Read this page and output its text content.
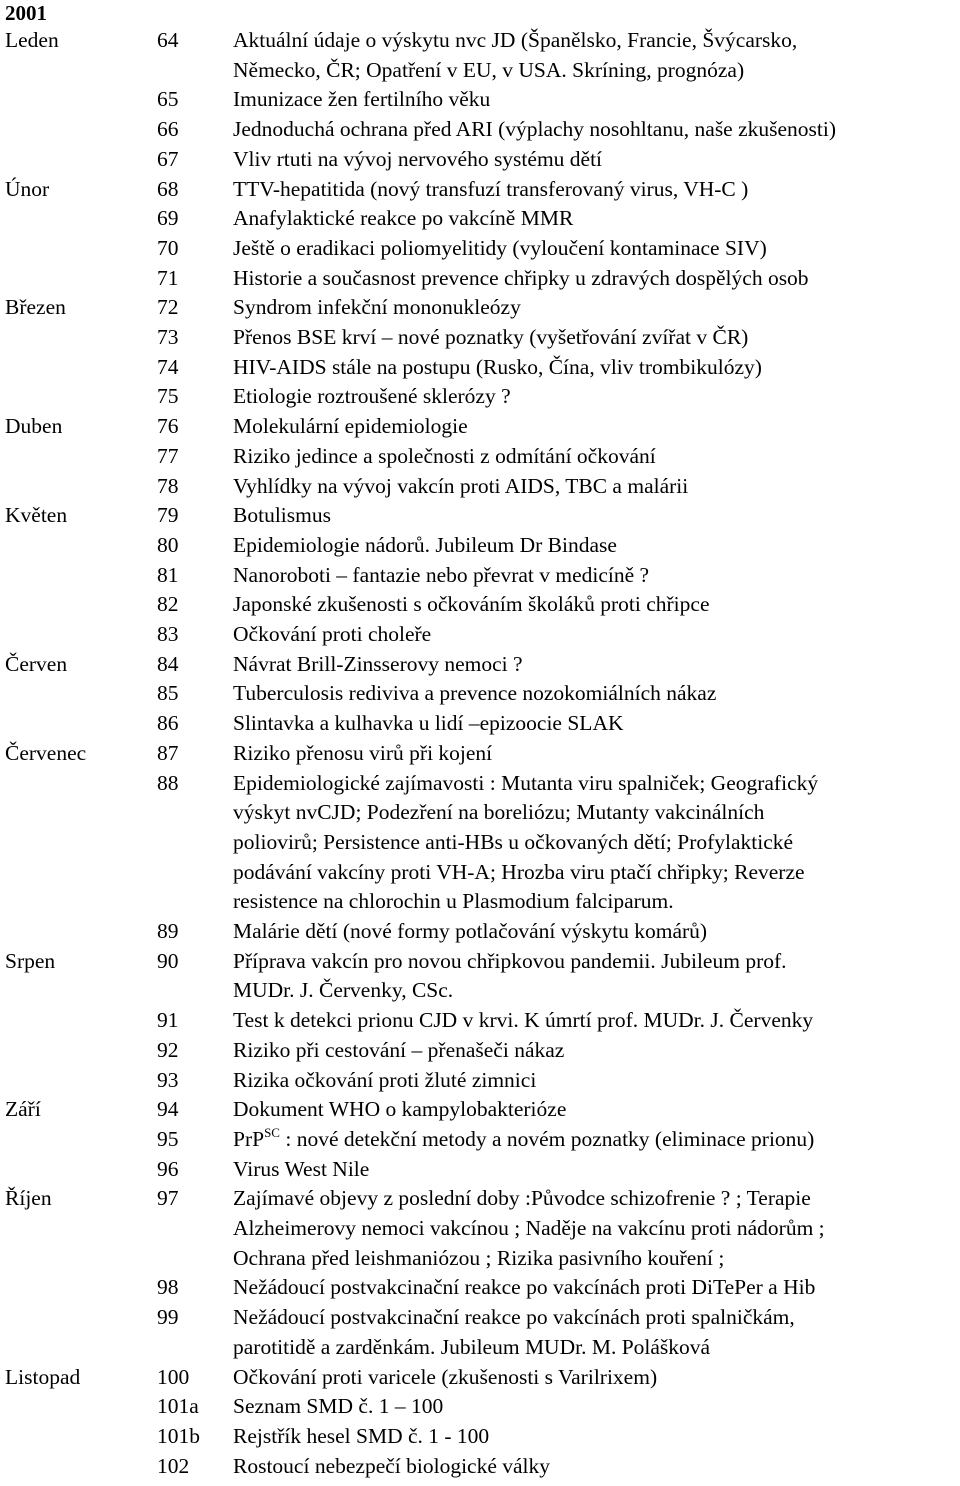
2001
Leden	64	Aktuální údaje o výskytu nvc JD (Španělsko, Francie, Švýcarsko,
Německo, ČR; Opatření v EU, v USA. Skríning, prognóza)
65	Imunizace žen fertilního věku
66	Jednoduchá ochrana před ARI (výplachy nosohltanu, naše zkušenosti)
67	Vliv rtuti na vývoj nervového systému dětí
Únor	68	TTV-hepatitida (nový transfuzí transferovaný virus, VH-C )
69	Anafylaktické reakce po vakcíně MMR
70	Ještě o eradikaci poliomyelitidy (vyloučení kontaminace SIV)
71	Historie a současnost prevence chřipky u zdravých dospělých osob
Březen	72	Syndrom infekční mononukleózy
73	Přenos BSE krví – nové poznatky (vyšetřování zvířat v ČR)
74	HIV-AIDS stále na postupu (Rusko, Čína, vliv trombikulózy)
75	Etiologie roztroušené sklerózy ?
Duben	76	Molekulární epidemiologie
77	Riziko jedince a společnosti z odmítání očkování
78	Vyhlídky na vývoj vakcín proti AIDS, TBC a malárii
Květen	79	Botulismus
80	Epidemiologie nádorů. Jubileum Dr Bindase
81	Nanoroboti – fantazie nebo převrat v medicíně ?
82	Japonské zkušenosti s očkováním školáků proti chřipce
83	Očkování proti choleře
Červen	84	Návrat Brill-Zinsserovy nemoci ?
85	Tuberculosis rediviva a prevence nozokomiálních nákaz
86	Slintavka a kulhavka u lidí –epizoocie SLAK
Červenec	87	Riziko přenosu virů při kojení
88	Epidemiologické zajímavosti : Mutanta viru spalniček; Geografický
výskyt nvCJD; Podezření na boreliózu; Mutanty vakcinálních
poliovirů; Persistence anti-HBs u očkovaných dětí; Profylaktické
podávání vakcíny proti VH-A; Hrozba viru ptačí chřipky; Reverze
resistence na chlorochin u Plasmodium falciparum.
89	Malárie dětí (nové formy potlačování výskytu komárů)
Srpen	90	Příprava vakcín pro novou chřipkovou pandemii. Jubileum prof.
MUDr. J. Červenky, CSc.
91	Test k detekci prionu CJD v krvi. K úmrtí prof. MUDr. J. Červenky
92	Riziko při cestování – přenašeči nákaz
93	Rizika očkování proti žluté zimnici
Září	94	Dokument WHO o kampylobakterióze
95	PrP$^{SC}$ : nové detekční metody a novém poznatky (eliminace prionu)
96	Virus West Nile
Říjen	97	Zajímavé objevy z poslední doby :Původce schizofrenie ? ; Terapie
Alzheimerovy nemoci vakcínou ; Naděje na vakcínu proti nádorům ;
Ochrana před leishmaniózou ; Rizika pasivního kouření ;
98	Nežádoucí postvakcinační reakce po vakcínách proti DiTePer a Hib
99	Nežádoucí postvakcinační reakce po vakcínách proti spalničkám,
parotitidě a zarděnkám. Jubileum MUDr. M. Polášková
Listopad	100 Očkování proti varicele (zkušenosti s Varilrixem)
101a Seznam SMD č. 1 – 100
101b Rejstřík hesel SMD č. 1 - 100
102 Rostoucí nebezpečí biologické války
